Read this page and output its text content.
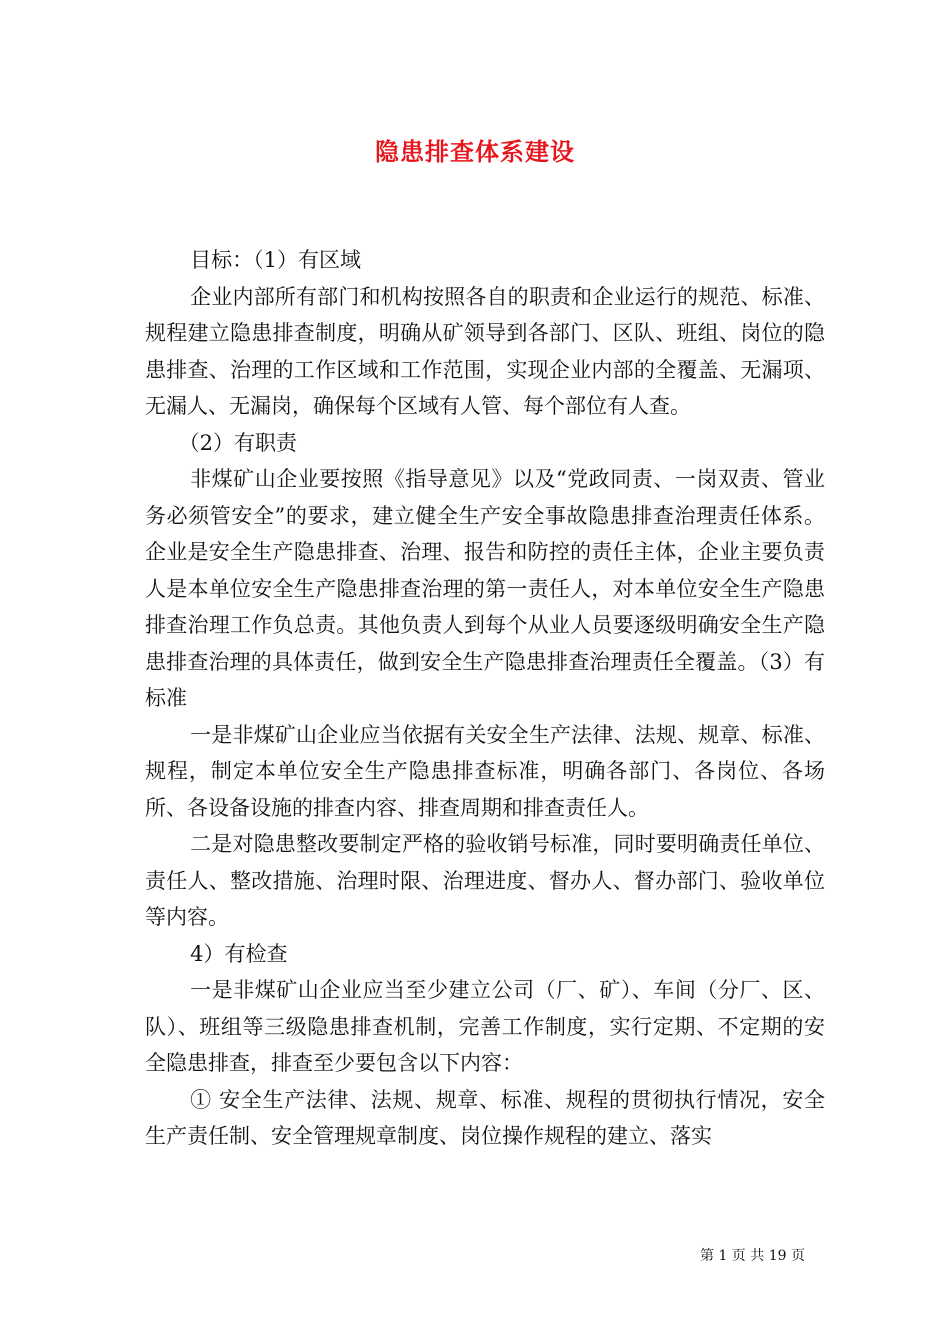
隐患排查体系建设

目标：（1）有区域

企业内部所有部门和机构按照各自的职责和企业运行的规范、标准、规程建立隐患排查制度，明确从矿领导到各部门、区队、班组、岗位的隐患排查、治理的工作区域和工作范围，实现企业内部的全覆盖、无漏项、无漏人、无漏岗，确保每个区域有人管、每个部位有人查。

（2）有职责

非煤矿山企业要按照《指导意见》以及“党政同责、一岗双责、管业务必须管安全”的要求，建立健全生产安全事故隐患排查治理责任体系。企业是安全生产隐患排查、治理、报告和防控的责任主体，企业主要负责人是本单位安全生产隐患排查治理的第一责任人，对本单位安全生产隐患排查治理工作负总责。其他负责人到每个从业人员要逐级明确安全生产隐患排查治理的具体责任，做到安全生产隐患排查治理责任全覆盖。（3）有标准

一是非煤矿山企业应当依据有关安全生产法律、法规、规章、标准、规程，制定本单位安全生产隐患排查标准，明确各部门、各岗位、各场所、各设备设施的排查内容、排查周期和排查责任人。

二是对隐患整改要制定严格的验收销号标准，同时要明确责任单位、责任人、整改措施、治理时限、治理进度、督办人、督办部门、验收单位等内容。

4）有检查

一是非煤矿山企业应当至少建立公司（厂、矿）、车间（分厂、区、队）、班组等三级隐患排查机制，完善工作制度，实行定期、不定期的安全隐患排查，排查至少要包含以下内容：

① 安全生产法律、法规、规章、标准、规程的贯彻执行情况，安全生产责任制、安全管理规章制度、岗位操作规程的建立、落实

第 1 页 共 19 页
